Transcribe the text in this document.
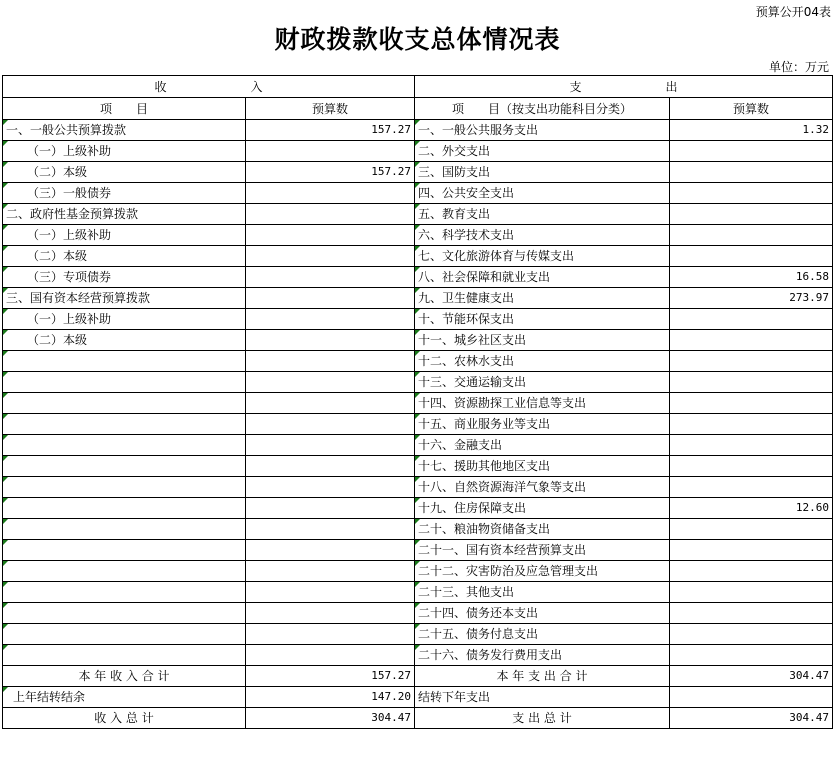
预算公开04表
财政拨款收支总体情况表
单位：万元
收　　　　　　　入		支　　　　　　　出	
项　　目	预算数	项　　目（按支出功能科目分类）	预算数
一、一般公共预算拨款	157.27	一、一般公共服务支出	1.32
（一）上级补助		二、外交支出	
（二）本级	157.27	三、国防支出	
（三）一般债券		四、公共安全支出	
二、政府性基金预算拨款		五、教育支出	
（一）上级补助		六、科学技术支出	
（二）本级		七、文化旅游体育与传媒支出	
（三）专项债券		八、社会保障和就业支出	16.58
三、国有资本经营预算拨款		九、卫生健康支出	273.97
（一）上级补助		十、节能环保支出	
（二）本级		十一、城乡社区支出	
		十二、农林水支出	
		十三、交通运输支出	
		十四、资源勘探工业信息等支出	
		十五、商业服务业等支出	
		十六、金融支出	
		十七、援助其他地区支出	
		十八、自然资源海洋气象等支出	
		十九、住房保障支出	12.60
		二十、粮油物资储备支出	
		二十一、国有资本经营预算支出	
		二十二、灾害防治及应急管理支出	
		二十三、其他支出	
		二十四、债务还本支出	
		二十五、债务付息支出	
		二十六、债务发行费用支出	
本 年 收 入 合 计	157.27	本 年 支 出 合 计	304.47
上年结转结余	147.20	结转下年支出	
收 入 总 计	304.47	支 出 总 计	304.47
